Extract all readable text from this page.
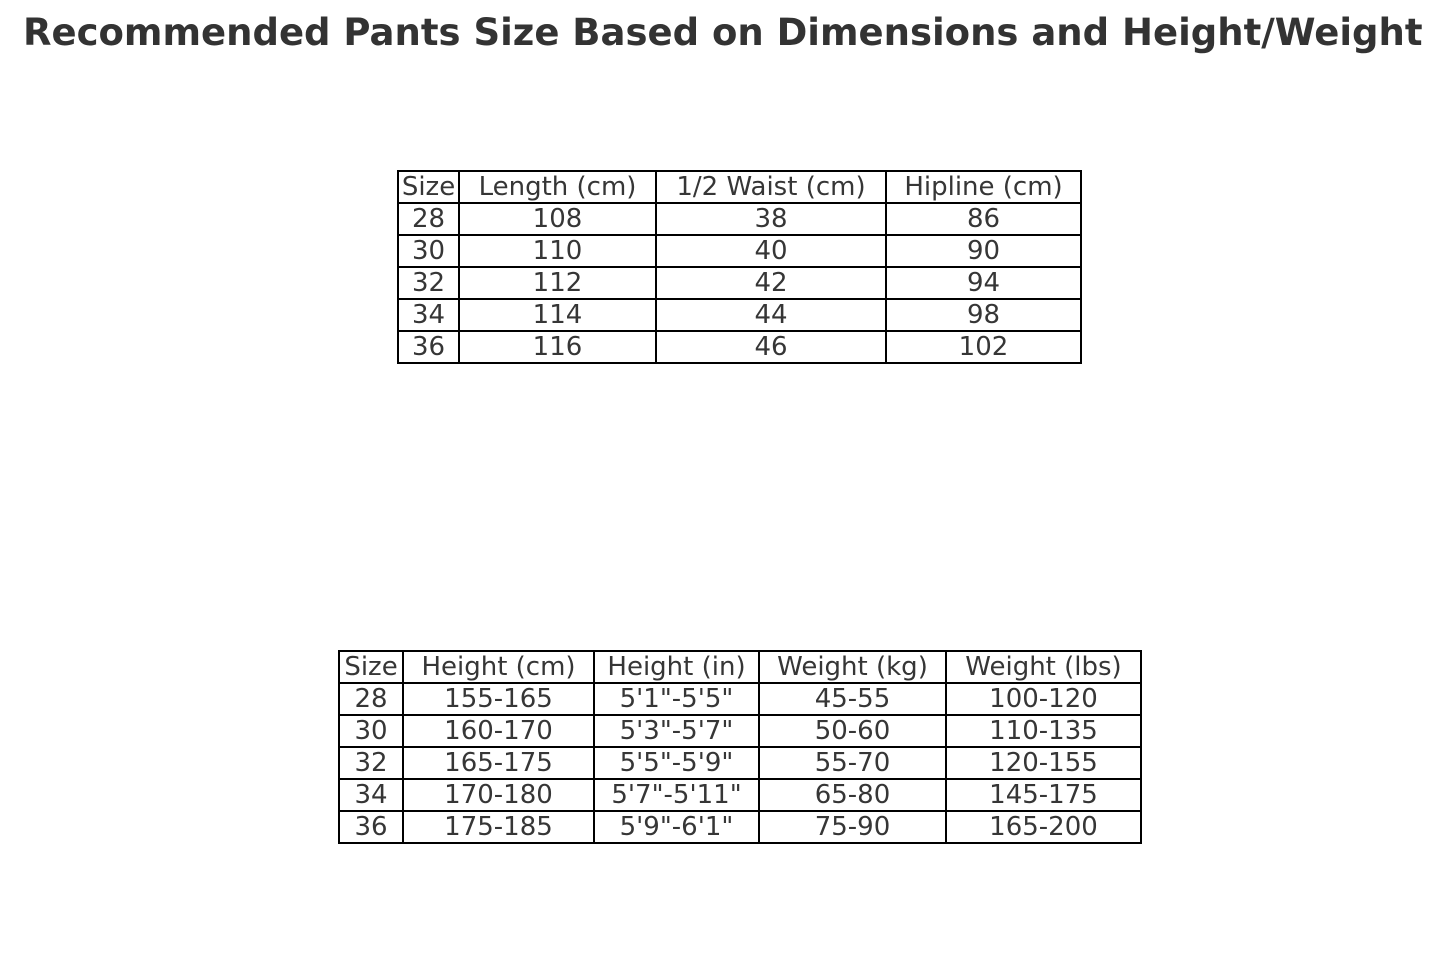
Recommended Pants Size Based on Dimensions and Height/Weight
Size	Length (cm)	1/2 Waist (cm)	Hipline (cm)
28	108	38	86
30	110	40	90
32	112	42	94
34	114	44	98
36	116	46	102
Size	Height (cm)	Height (in)	Weight (kg)	Weight (lbs)
28	155-165	5'1"-5'5"	45-55	100-120
30	160-170	5'3"-5'7"	50-60	110-135
32	165-175	5'5"-5'9"	55-70	120-155
34	170-180	5'7"-5'11"	65-80	145-175
36	175-185	5'9"-6'1"	75-90	165-200
